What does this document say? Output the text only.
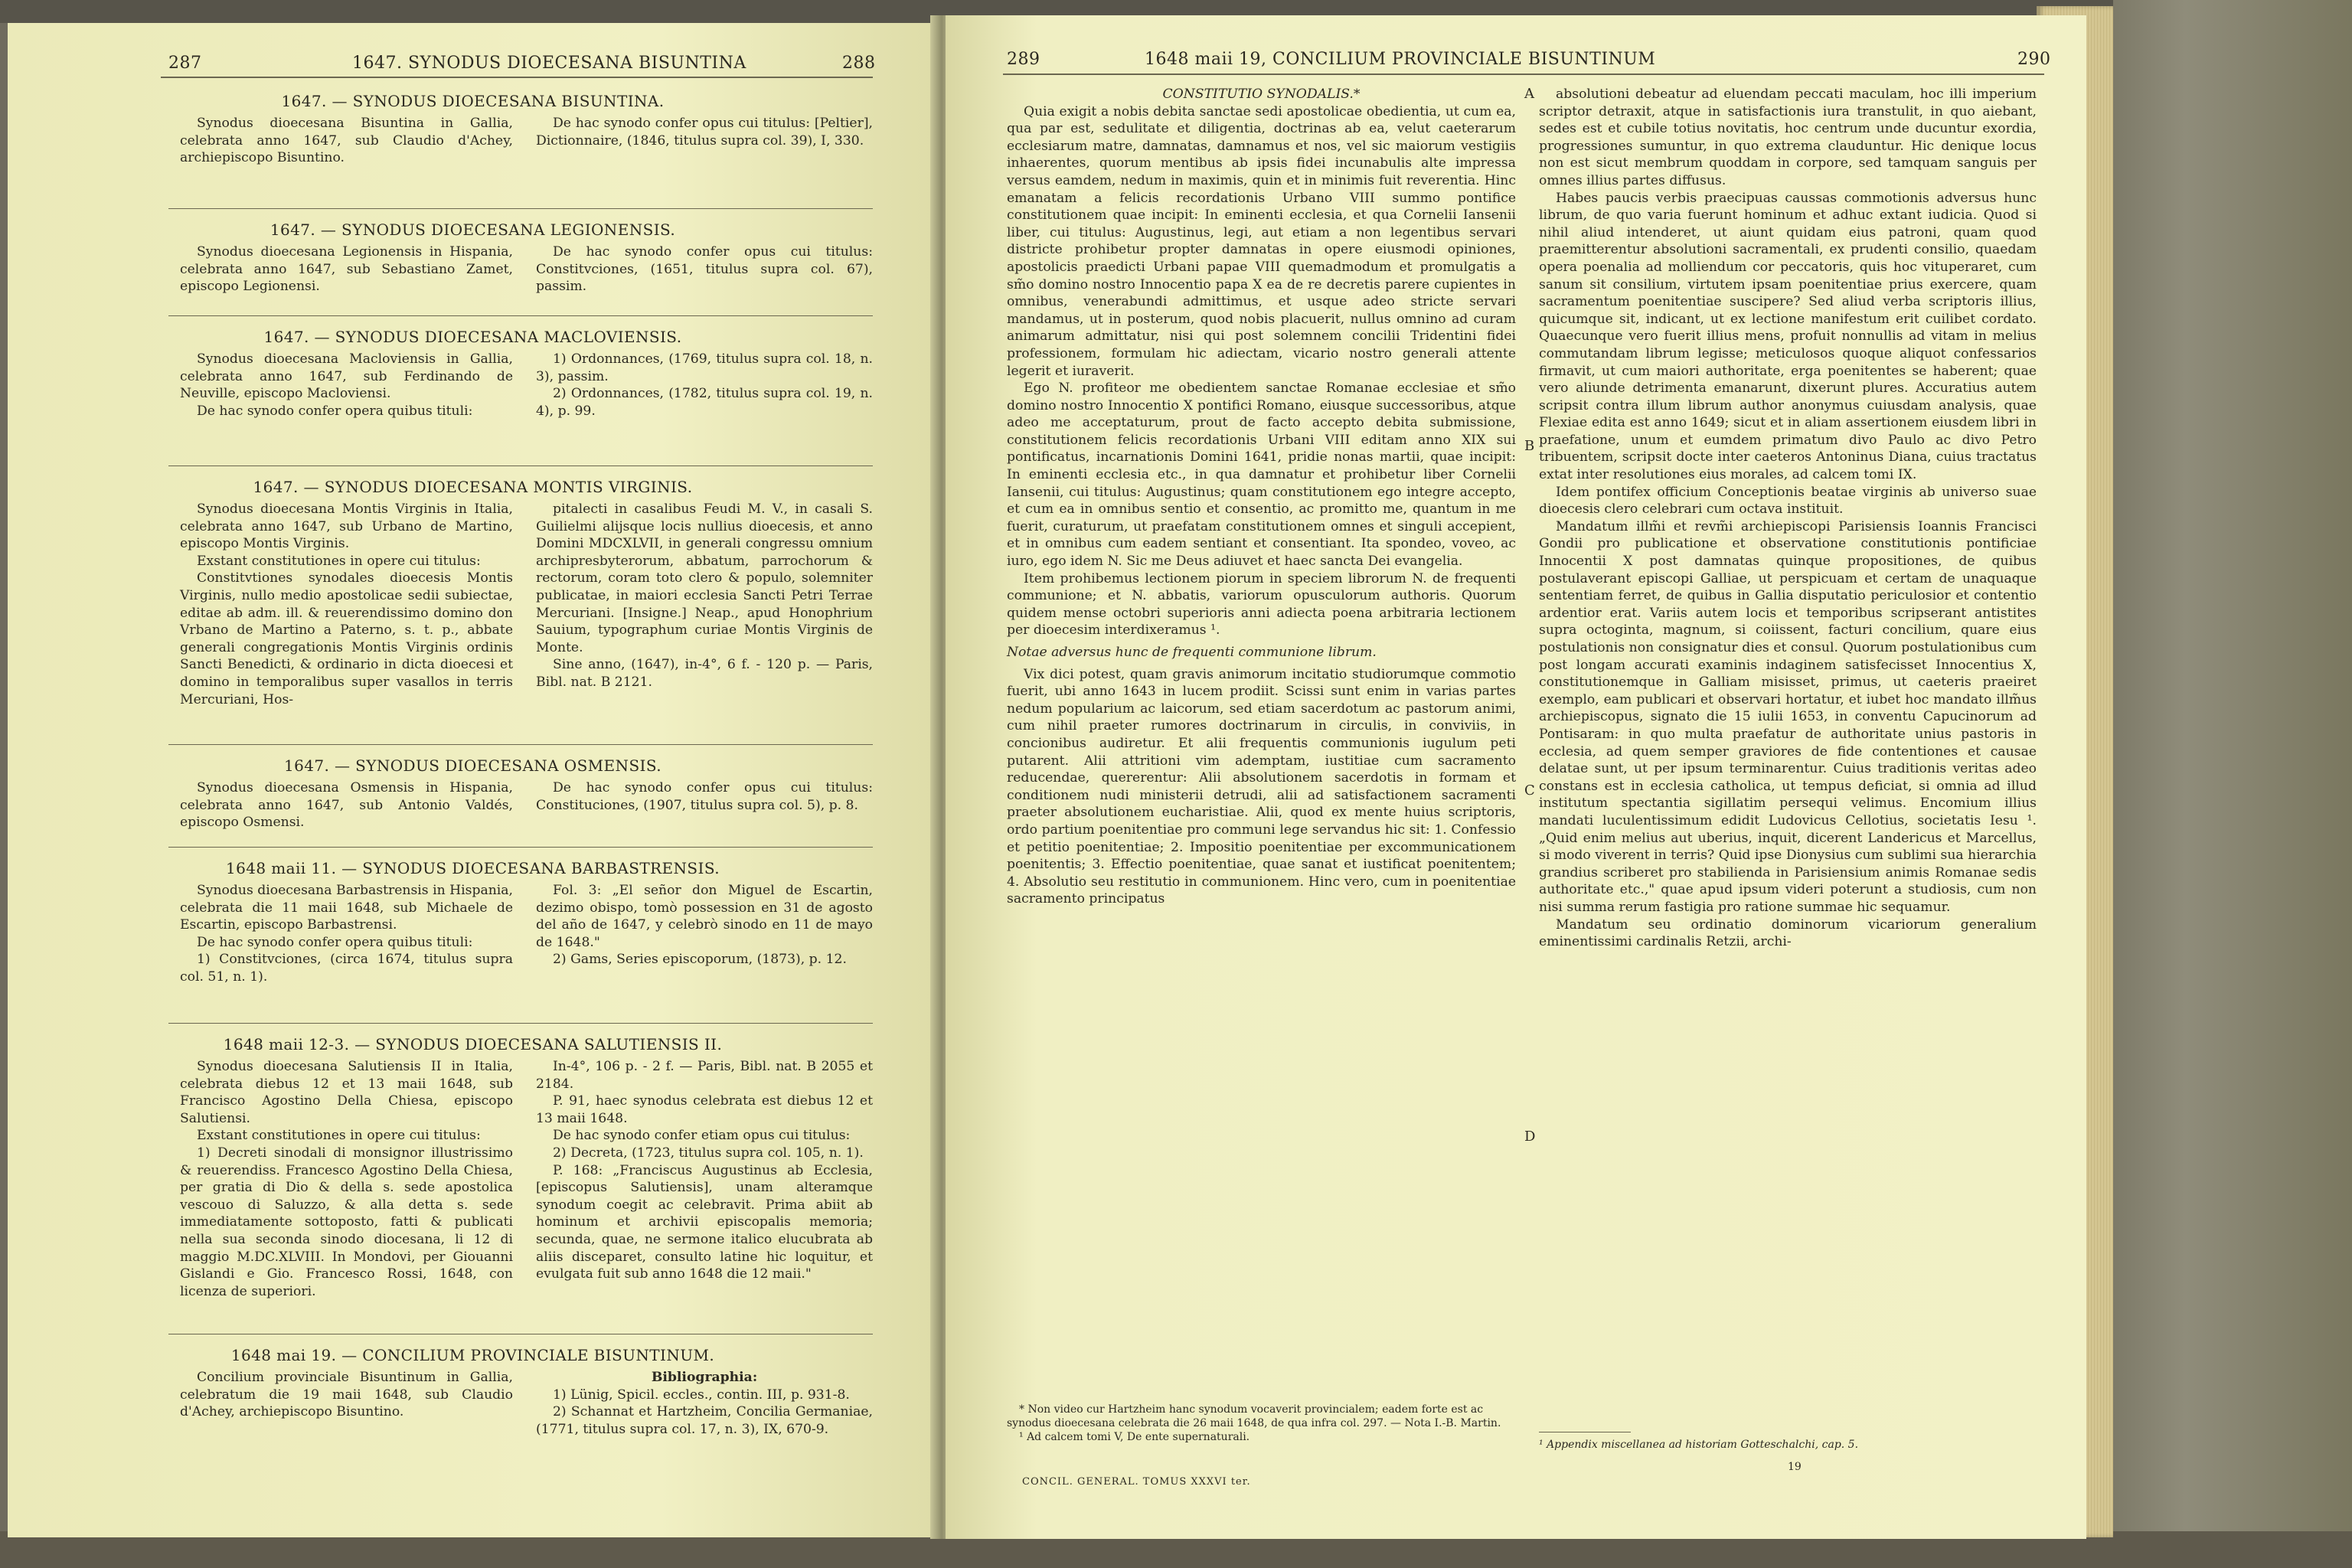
287	1647. SYNODUS DIOECESANA BISUNTINA	288
1647. — SYNODUS DIOECESANA BISUNTINA.

Synodus dioecesana Bisuntina in Gallia, celebrata anno 1647, sub Claudio d'Achey, archiepiscopo Bisuntino.

De hac synodo confer opus cui titulus: [Peltier], Dictionnaire, (1846, titulus supra col. 39), I, 330.

1647. — SYNODUS DIOECESANA LEGIONENSIS.

Synodus dioecesana Legionensis in Hispania, celebrata anno 1647, sub Sebastiano Zamet, episcopo Legionensi.

De hac synodo confer opus cui titulus: Constitvciones, (1651, titulus supra col. 67), passim.

1647. — SYNODUS DIOECESANA MACLOVIENSIS.

Synodus dioecesana Macloviensis in Gallia, celebrata anno 1647, sub Ferdinando de Neuville, episcopo Macloviensi.

De hac synodo confer opera quibus tituli:

1) Ordonnances, (1769, titulus supra col. 18, n. 3), passim.

2) Ordonnances, (1782, titulus supra col. 19, n. 4), p. 99.

1647. — SYNODUS DIOECESANA MONTIS VIRGINIS.

Synodus dioecesana Montis Virginis in Italia, celebrata anno 1647, sub Urbano de Martino, episcopo Montis Virginis.

Exstant constitutiones in opere cui titulus:

Constitvtiones synodales dioecesis Montis Virginis, nullo medio apostolicae sedii subiectae, editae ab adm. ill. & reuerendissimo domino don Vrbano de Martino a Paterno, s. t. p., abbate generali congregationis Montis Virginis ordinis Sancti Benedicti, & ordinario in dicta dioecesi et domino in temporalibus super vasallos in terris Mercuriani, Hos-

pitalecti in casalibus Feudi M. V., in casali S. Guilielmi alijsque locis nullius dioecesis, et anno Domini MDCXLVII, in generali congressu omnium archipresbyterorum, abbatum, parrochorum & rectorum, coram toto clero & populo, solemniter publicatae, in maiori ecclesia Sancti Petri Terrae Mercuriani. [Insigne.] Neap., apud Honophrium Sauium, typographum curiae Montis Virginis de Monte.

Sine anno, (1647), in-4°, 6 f. - 120 p. — Paris, Bibl. nat. B 2121.

1647. — SYNODUS DIOECESANA OSMENSIS.

Synodus dioecesana Osmensis in Hispania, celebrata anno 1647, sub Antonio Valdés, episcopo Osmensi.

De hac synodo confer opus cui titulus: Constituciones, (1907, titulus supra col. 5), p. 8.

1648 maii 11. — SYNODUS DIOECESANA BARBASTRENSIS.

Synodus dioecesana Barbastrensis in Hispania, celebrata die 11 maii 1648, sub Michaele de Escartin, episcopo Barbastrensi.

De hac synodo confer opera quibus tituli:

1) Constitvciones, (circa 1674, titulus supra col. 51, n. 1).

Fol. 3: „El señor don Miguel de Escartin, dezimo obispo, tomò possession en 31 de agosto del año de 1647, y celebrò sinodo en 11 de mayo de 1648."

2) Gams, Series episcoporum, (1873), p. 12.

1648 maii 12-3. — SYNODUS DIOECESANA SALUTIENSIS II.

Synodus dioecesana Salutiensis II in Italia, celebrata diebus 12 et 13 maii 1648, sub Francisco Agostino Della Chiesa, episcopo Salutiensi.

Exstant constitutiones in opere cui titulus:

1) Decreti sinodali di monsignor illustrissimo & reuerendiss. Francesco Agostino Della Chiesa, per gratia di Dio & della s. sede apostolica vescouo di Saluzzo, & alla detta s. sede immediatamente sottoposto, fatti & publicati nella sua seconda sinodo diocesana, li 12 di maggio M.DC.XLVIII. In Mondovi, per Giouanni Gislandi e Gio. Francesco Rossi, 1648, con licenza de superiori.

In-4°, 106 p. - 2 f. — Paris, Bibl. nat. B 2055 et 2184.

P. 91, haec synodus celebrata est diebus 12 et 13 maii 1648.

De hac synodo confer etiam opus cui titulus:

2) Decreta, (1723, titulus supra col. 105, n. 1).

P. 168: „Franciscus Augustinus ab Ecclesia, [episcopus Salutiensis], unam alteramque synodum coegit ac celebravit. Prima abiit ab hominum et archivii episcopalis memoria; secunda, quae, ne sermone italico elucubrata ab aliis disceparet, consulto latine hic loquitur, et evulgata fuit sub anno 1648 die 12 maii."

1648 mai 19. — CONCILIUM PROVINCIALE BISUNTINUM.

Concilium provinciale Bisuntinum in Gallia, celebratum die 19 maii 1648, sub Claudio d'Achey, archiepiscopo Bisuntino.

Bibliographia:

1) Lünig, Spicil. eccles., contin. III, p. 931-8.

2) Schannat et Hartzheim, Concilia Germaniae, (1771, titulus supra col. 17, n. 3), IX, 670-9.

289	1648 maii 19, CONCILIUM PROVINCIALE BISUNTINUM	290

CONSTITUTIO SYNODALIS.*

Quia exigit a nobis debita sanctae sedi apostolicae obedientia, ut cum ea, qua par est, sedulitate et diligentia, doctrinas ab ea, velut caeterarum ecclesiarum matre, damnatas, damnamus et nos, vel sic maiorum vestigiis inhaerentes, quorum mentibus ab ipsis fidei incunabulis alte impressa versus eamdem, nedum in maximis, quin et in minimis fuit reverentia. Hinc emanatam a felicis recordationis Urbano VIII summo pontifice constitutionem quae incipit: In eminenti ecclesia, et qua Cornelii Iansenii liber, cui titulus: Augustinus, legi, aut etiam a non legentibus servari districte prohibetur propter damnatas in opere eiusmodi opiniones, apostolicis praedicti Urbani papae VIII quemadmodum et promulgatis a sm̃o domino nostro Innocentio papa X ea de re decretis parere cupientes in omnibus, venerabundi admittimus, et usque adeo stricte servari mandamus, ut in posterum, quod nobis placuerit, nullus omnino ad curam animarum admittatur, nisi qui post solemnem concilii Tridentini fidei professionem, formulam hic adiectam, vicario nostro generali attente legerit et iuraverit.

Ego N. profiteor me obedientem sanctae Romanae ecclesiae et sm̃o domino nostro Innocentio X pontifici Romano, eiusque successoribus, atque adeo me acceptaturum, prout de facto accepto debita submissione, constitutionem felicis recordationis Urbani VIII editam anno XIX sui pontificatus, incarnationis Domini 1641, pridie nonas martii, quae incipit: In eminenti ecclesia etc., in qua damnatur et prohibetur liber Cornelii Iansenii, cui titulus: Augustinus; quam constitutionem ego integre accepto, et cum ea in omnibus sentio et consentio, ac promitto me, quantum in me fuerit, curaturum, ut praefatam constitutionem omnes et singuli accepient, et in omnibus cum eadem sentiant et consentiant. Ita spondeo, voveo, ac iuro, ego idem N. Sic me Deus adiuvet et haec sancta Dei evangelia.

Item prohibemus lectionem piorum in speciem librorum N. de frequenti communione; et N. abbatis, variorum opusculorum authoris. Quorum quidem mense octobri superioris anni adiecta poena arbitraria lectionem per dioecesim interdixeramus ¹.

Notae adversus hunc de frequenti communione librum.

Vix dici potest, quam gravis animorum incitatio studiorumque commotio fuerit, ubi anno 1643 in lucem prodiit. Scissi sunt enim in varias partes nedum popularium ac laicorum, sed etiam sacerdotum ac pastorum animi, cum nihil praeter rumores doctrinarum in circulis, in conviviis, in concionibus audiretur. Et alii frequentis communionis iugulum peti putarent. Alii attritioni vim ademptam, iustitiae cum sacramento reducendae, quererentur: Alii absolutionem sacerdotis in formam et conditionem nudi ministerii detrudi, alii ad satisfactionem sacramenti praeter absolutionem eucharistiae. Alii, quod ex mente huius scriptoris, ordo partium poenitentiae pro communi lege servandus hic sit: 1. Confessio et petitio poenitentiae; 2. Impositio poenitentiae per excommunicationem poenitentis; 3. Effectio poenitentiae, quae sanat et iustificat poenitentem; 4. Absolutio seu restitutio in communionem. Hinc vero, cum in poenitentiae sacramento principatus

* Non video cur Hartzheim hanc synodum vocaverit provincialem; eadem forte est ac synodus dioecesana celebrata die 26 maii 1648, de qua infra col. 297. — Nota I.-B. Martin.

¹ Ad calcem tomi V, De ente supernaturali.

CONCIL. GENERAL. TOMUS XXXVI ter.
A
B
C
D

absolutioni debeatur ad eluendam peccati maculam, hoc illi imperium scriptor detraxit, atque in satisfactionis iura transtulit, in quo aiebant, sedes est et cubile totius novitatis, hoc centrum unde ducuntur exordia, progressiones sumuntur, in quo extrema clauduntur. Hic denique locus non est sicut membrum quoddam in corpore, sed tamquam sanguis per omnes illius partes diffusus.

Habes paucis verbis praecipuas caussas commotionis adversus hunc librum, de quo varia fuerunt hominum et adhuc extant iudicia. Quod si nihil aliud intenderet, ut aiunt quidam eius patroni, quam quod praemitterentur absolutioni sacramentali, ex prudenti consilio, quaedam opera poenalia ad molliendum cor peccatoris, quis hoc vituperaret, cum sanum sit consilium, virtutem ipsam poenitentiae prius exercere, quam sacramentum poenitentiae suscipere? Sed aliud verba scriptoris illius, quicumque sit, indicant, ut ex lectione manifestum erit cuilibet cordato. Quaecunque vero fuerit illius mens, profuit nonnullis ad vitam in melius commutandam librum legisse; meticulosos quoque aliquot confessarios firmavit, ut cum maiori authoritate, erga poenitentes se haberent; quae vero aliunde detrimenta emanarunt, dixerunt plures. Accuratius autem scripsit contra illum librum author anonymus cuiusdam analysis, quae Flexiae edita est anno 1649; sicut et in aliam assertionem eiusdem libri in praefatione, unum et eumdem primatum divo Paulo ac divo Petro tribuentem, scripsit docte inter caeteros Antoninus Diana, cuius tractatus extat inter resolutiones eius morales, ad calcem tomi IX.

Idem pontifex officium Conceptionis beatae virginis ab universo suae dioecesis clero celebrari cum octava instituit.

Mandatum illm̃i et revm̃i archiepiscopi Parisiensis Ioannis Francisci Gondii pro publicatione et observatione constitutionis pontificiae Innocentii X post damnatas quinque propositiones, de quibus postulaverant episcopi Galliae, ut perspicuam et certam de unaquaque sententiam ferret, de quibus in Gallia disputatio periculosior et contentio ardentior erat. Variis autem locis et temporibus scripserant antistites supra octoginta, magnum, si coiissent, facturi concilium, quare eius postulationis non consignatur dies et consul. Quorum postulationibus cum post longam accurati examinis indaginem satisfecisset Innocentius X, constitutionemque in Galliam misisset, primus, ut caeteris praeiret exemplo, eam publicari et observari hortatur, et iubet hoc mandato illm̃us archiepiscopus, signato die 15 iulii 1653, in conventu Capucinorum ad Pontisaram: in quo multa praefatur de authoritate unius pastoris in ecclesia, ad quem semper graviores de fide contentiones et causae delatae sunt, ut per ipsum terminarentur. Cuius traditionis veritas adeo constans est in ecclesia catholica, ut tempus deficiat, si omnia ad illud institutum spectantia sigillatim persequi velimus. Encomium illius mandati luculentissimum edidit Ludovicus Cellotius, societatis Iesu ¹. „Quid enim melius aut uberius, inquit, dicerent Landericus et Marcellus, si modo viverent in terris? Quid ipse Dionysius cum sublimi sua hierarchia grandius scriberet pro stabilienda in Parisiensium animis Romanae sedis authoritate etc.," quae apud ipsum videri poterunt a studiosis, cum non nisi summa rerum fastigia pro ratione summae hic sequamur.

Mandatum seu ordinatio dominorum vicariorum generalium eminentissimi cardinalis Retzii, archi-

¹ Appendix miscellanea ad historiam Gotteschalchi, cap. 5.
19
